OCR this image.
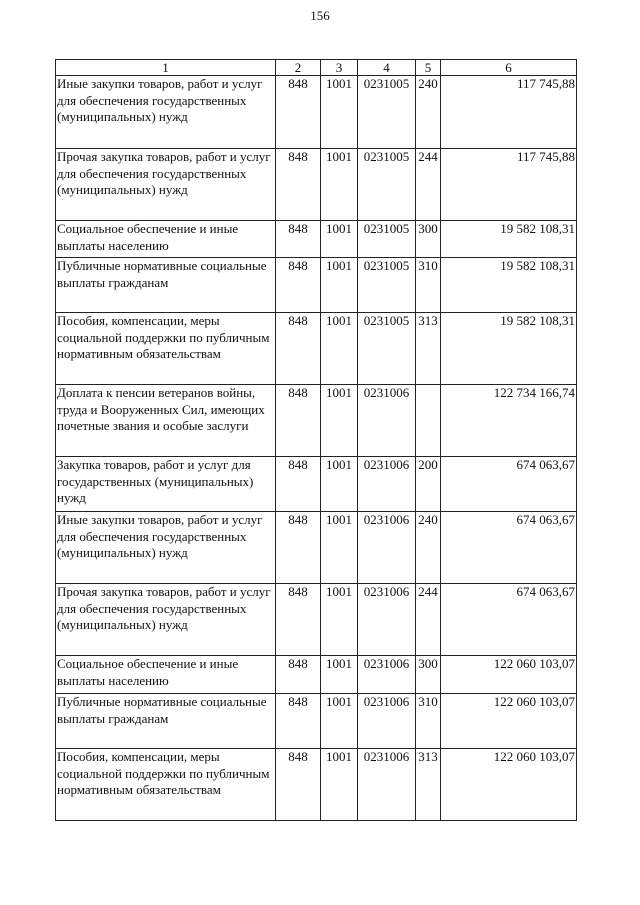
156
1	2	3	4	5	6
Иные закупки товаров, работ и услуг для обеспечения государственных (муниципальных) нужд	848	1001	0231005	240	117 745,88
Прочая закупка товаров, работ и услуг для обеспечения государственных (муниципальных) нужд	848	1001	0231005	244	117 745,88
Социальное обеспечение и иные выплаты населению	848	1001	0231005	300	19 582 108,31
Публичные нормативные социальные выплаты гражданам	848	1001	0231005	310	19 582 108,31
Пособия, компенсации, меры социальной поддержки по публичным нормативным обязательствам	848	1001	0231005	313	19 582 108,31
Доплата к пенсии ветеранов войны, труда и Вооруженных Сил, имеющих почетные звания и особые заслуги	848	1001	0231006		122 734 166,74
Закупка товаров, работ и услуг для государственных (муниципальных) нужд	848	1001	0231006	200	674 063,67
Иные закупки товаров, работ и услуг для обеспечения государственных (муниципальных) нужд	848	1001	0231006	240	674 063,67
Прочая закупка товаров, работ и услуг для обеспечения государственных (муниципальных) нужд	848	1001	0231006	244	674 063,67
Социальное обеспечение и иные выплаты населению	848	1001	0231006	300	122 060 103,07
Публичные нормативные социальные выплаты гражданам	848	1001	0231006	310	122 060 103,07
Пособия, компенсации, меры социальной поддержки по публичным нормативным обязательствам	848	1001	0231006	313	122 060 103,07
